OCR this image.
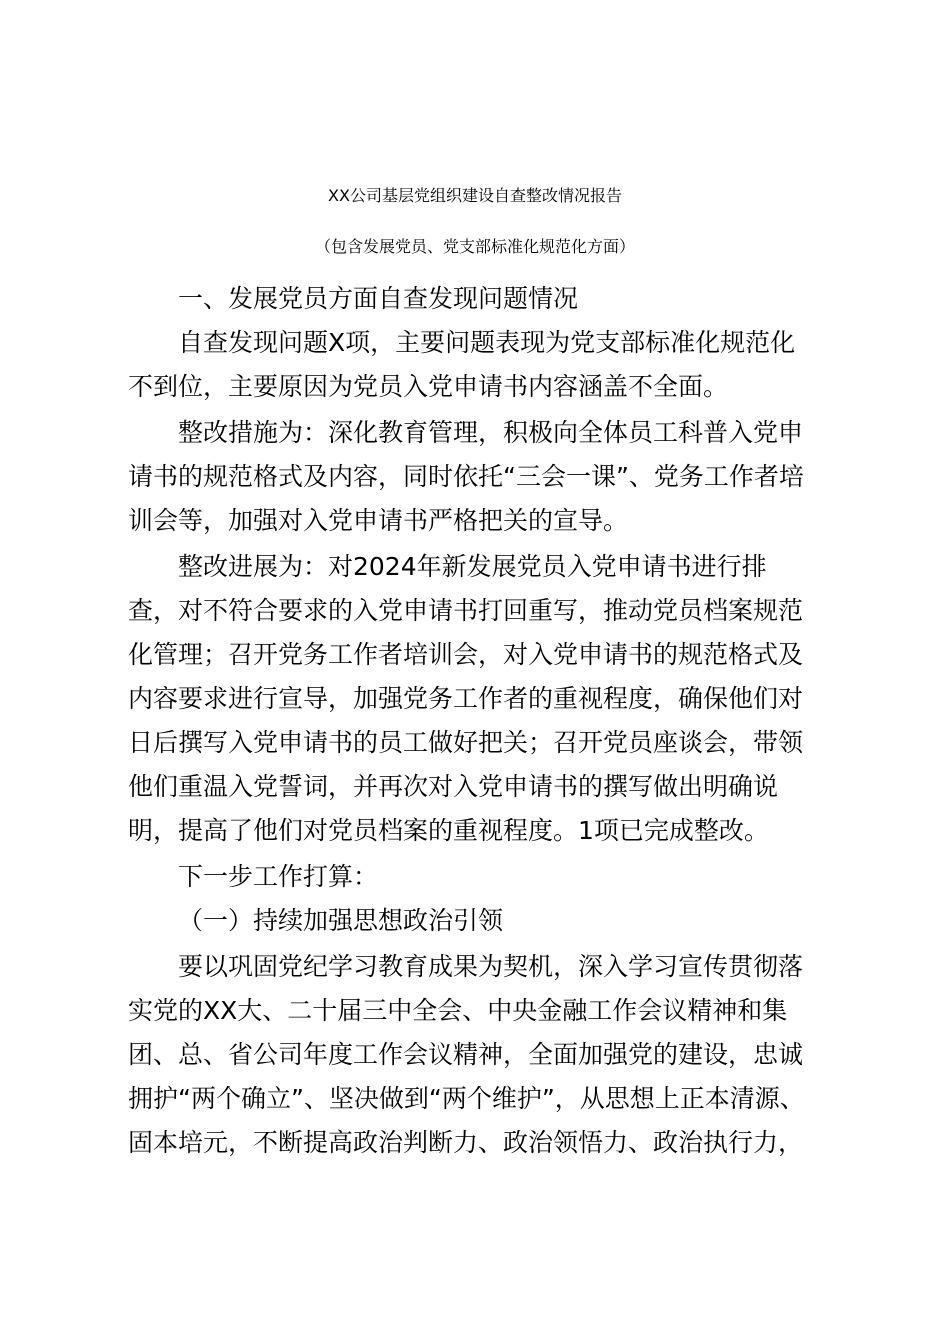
XX公司基层党组织建设自查整改情况报告
（包含发展党员、党支部标准化规范化方面）
一、发展党员方面自查发现问题情况
自查发现问题X项，主要问题表现为党支部标准化规范化
不到位，主要原因为党员入党申请书内容涵盖不全面。
整改措施为：深化教育管理，积极向全体员工科普入党申
请书的规范格式及内容，同时依托“三会一课”、党务工作者培
训会等，加强对入党申请书严格把关的宣导。
整改进展为：对2024年新发展党员入党申请书进行排
查，对不符合要求的入党申请书打回重写，推动党员档案规范
化管理；召开党务工作者培训会，对入党申请书的规范格式及
内容要求进行宣导，加强党务工作者的重视程度，确保他们对
日后撰写入党申请书的员工做好把关；召开党员座谈会，带领
他们重温入党誓词，并再次对入党申请书的撰写做出明确说
明，提高了他们对党员档案的重视程度。1项已完成整改。
下一步工作打算：
（一）持续加强思想政治引领
要以巩固党纪学习教育成果为契机，深入学习宣传贯彻落
实党的XX大、二十届三中全会、中央金融工作会议精神和集
团、总、省公司年度工作会议精神，全面加强党的建设，忠诚
拥护“两个确立”、坚决做到“两个维护”，从思想上正本清源、
固本培元，不断提高政治判断力、政治领悟力、政治执行力，
